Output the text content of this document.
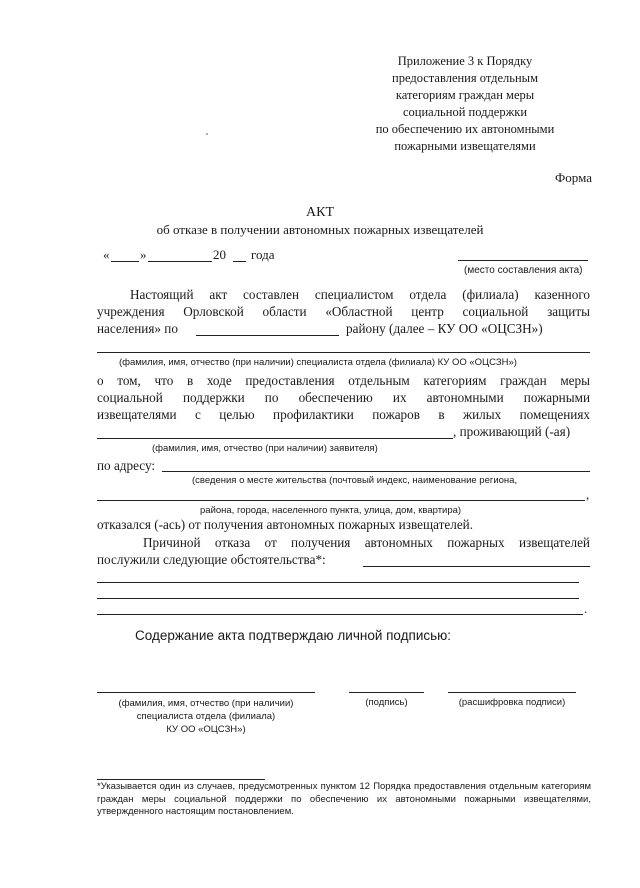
Приложение 3 к Порядку
предоставления отдельным
категориям граждан меры
социальной поддержки
по обеспечению их автономными
пожарными извещателями
Форма
АКТ
об отказе в получении автономных пожарных извещателей
« »	20 года
(место составления акта)
Настоящий акт составлен специалистом отдела (филиала) казенного
учреждения Орловской области «Областной центр социальной защиты
населения» по	району (далее – КУ ОО «ОЦСЗН»)
(фамилия, имя, отчество (при наличии) специалиста отдела (филиала) КУ ОО «ОЦСЗН»)
о том, что в ходе предоставления отдельным категориям граждан меры
социальной поддержки по обеспечению их автономными пожарными
извещателями с целью профилактики пожаров в жилых помещениях
, проживающий (-ая)
(фамилия, имя, отчество (при наличии) заявителя)
по адресу:
(сведения о месте жительства (почтовый индекс, наименование региона,
,
района, города, населенного пункта, улица, дом, квартира)
отказался (-ась) от получения автономных пожарных извещателей.
Причиной отказа от получения автономных пожарных извещателей
послужили следующие обстоятельства*:
.
Содержание акта подтверждаю личной подписью:
(фамилия, имя, отчество (при наличии)
специалиста отдела (филиала)
КУ ОО «ОЦСЗН»)
(подпись)	(расшифровка подписи)
*Указывается один из случаев, предусмотренных пунктом 12 Порядка предоставления отдельным категориям граждан меры социальной поддержки по обеспечению их автономными пожарными извещателями, утвержденного настоящим постановлением.
